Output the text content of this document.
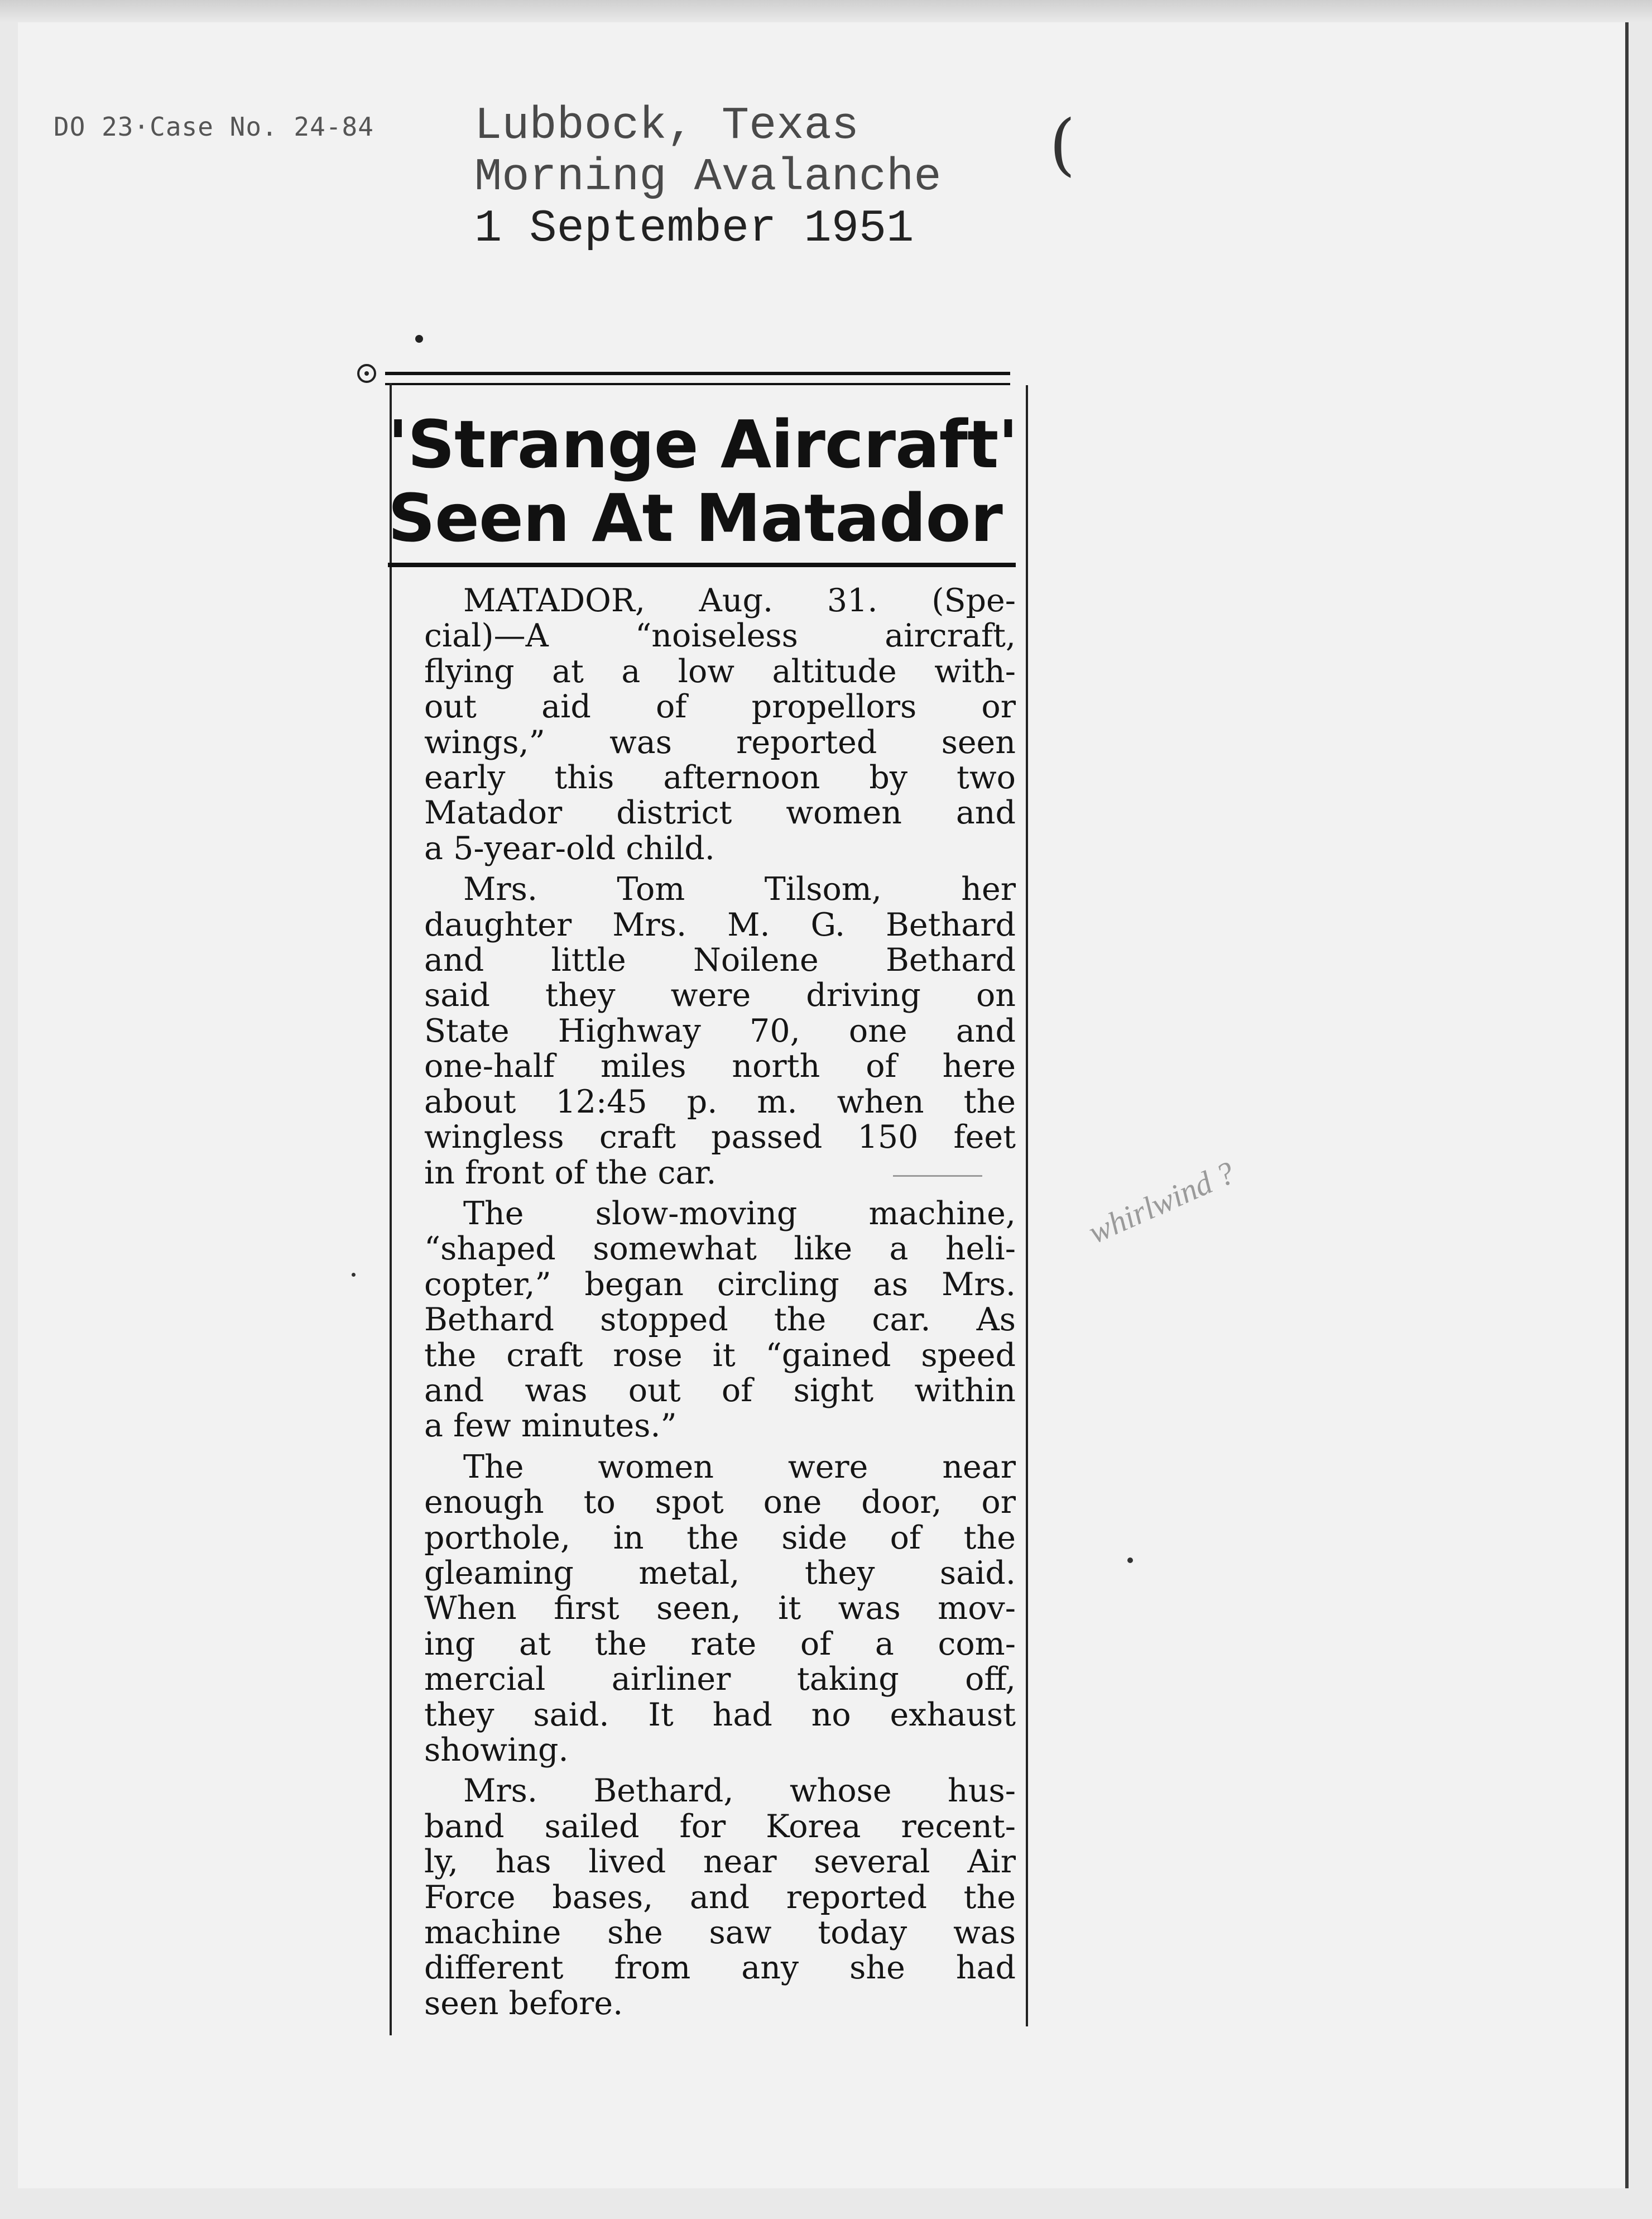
DO 23·Case No. 24-84 Lubbock, Texas
Morning Avalanche
1 September 1951
(
'Strange Aircraft'
Seen At Matador

MATADOR, Aug. 31. (Spe-
cial)—A “noiseless aircraft,
flying at a low altitude with-
out aid of propellors or
wings,” was reported seen
early this afternoon by two
Matador district women and
a 5-year-old child.

Mrs. Tom Tilsom, her
daughter Mrs. M. G. Bethard
and little Noilene Bethard
said they were driving on
State Highway 70, one and
one-half miles north of here
about 12:45 p. m. when the
wingless craft passed 150 feet
in front of the car.

The slow-moving machine,
“shaped somewhat like a heli-
copter,” began circling as Mrs.
Bethard stopped the car. As
the craft rose it “gained speed
and was out of sight within
a few minutes.”

The women were near
enough to spot one door, or
porthole, in the side of the
gleaming metal, they said.
When first seen, it was mov-
ing at the rate of a com-
mercial airliner taking off,
they said. It had no exhaust
showing.

Mrs. Bethard, whose hus-
band sailed for Korea recent-
ly, has lived near several Air
Force bases, and reported the
machine she saw today was
different from any she had
seen before.

whirlwind ?
